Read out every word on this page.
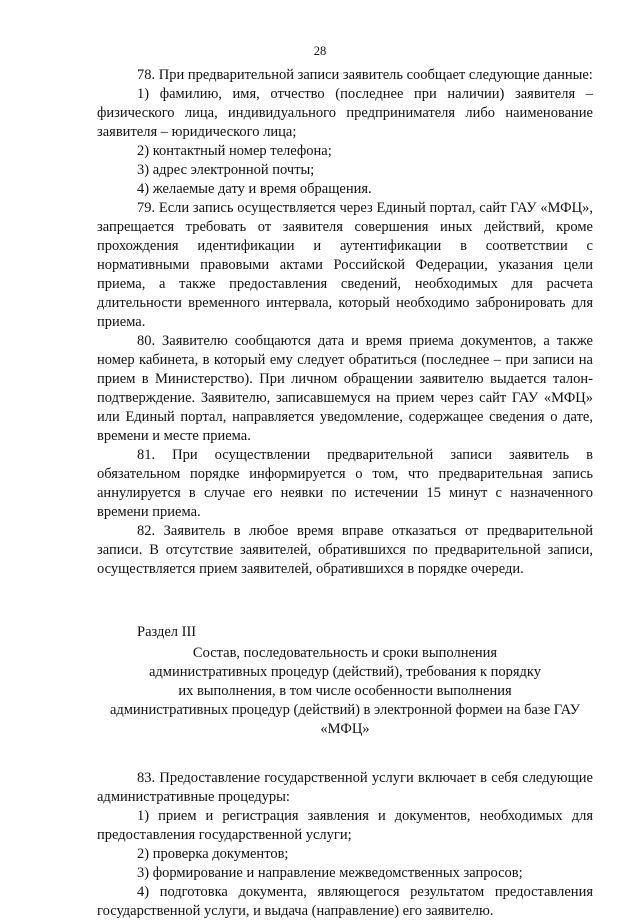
28

78. При предварительной записи заявитель сообщает следующие данные:

1) фамилию, имя, отчество (последнее при наличии) заявителя – физического лица, индивидуального предпринимателя либо наименование заявителя – юридического лица;

2) контактный номер телефона;

3) адрес электронной почты;

4) желаемые дату и время обращения.

79. Если запись осуществляется через Единый портал, сайт ГАУ «МФЦ», запрещается требовать от заявителя совершения иных действий, кроме прохождения идентификации и аутентификации в соответствии с нормативными правовыми актами Российской Федерации, указания цели приема, а также предоставления сведений, необходимых для расчета длительности временного интервала, который необходимо забронировать для приема.

80. Заявителю сообщаются дата и время приема документов, а также номер кабинета, в который ему следует обратиться (последнее – при записи на прием в Министерство). При личном обращении заявителю выдается талон-подтверждение. Заявителю, записавшемуся на прием через сайт ГАУ «МФЦ» или Единый портал, направляется уведомление, содержащее сведения о дате, времени и месте приема.

81. При осуществлении предварительной записи заявитель в обязательном порядке информируется о том, что предварительная запись аннулируется в случае его неявки по истечении 15 минут с назначенного времени приема.

82. Заявитель в любое время вправе отказаться от предварительной записи. В отсутствие заявителей, обратившихся по предварительной записи, осуществляется прием заявителей, обратившихся в порядке очереди.

Раздел III

Состав, последовательность и сроки выполнения

административных процедур (действий), требования к порядку

их выполнения, в том числе особенности выполнения

административных процедур (действий) в электронной формеи на базе ГАУ

«МФЦ»

83. Предоставление государственной услуги включает в себя следующие административные процедуры:

1) прием и регистрация заявления и документов, необходимых для предоставления государственной услуги;

2) проверка документов;

3) формирование и направление межведомственных запросов;

4) подготовка документа, являющегося результатом предоставления государственной услуги, и выдача (направление) его заявителю.
